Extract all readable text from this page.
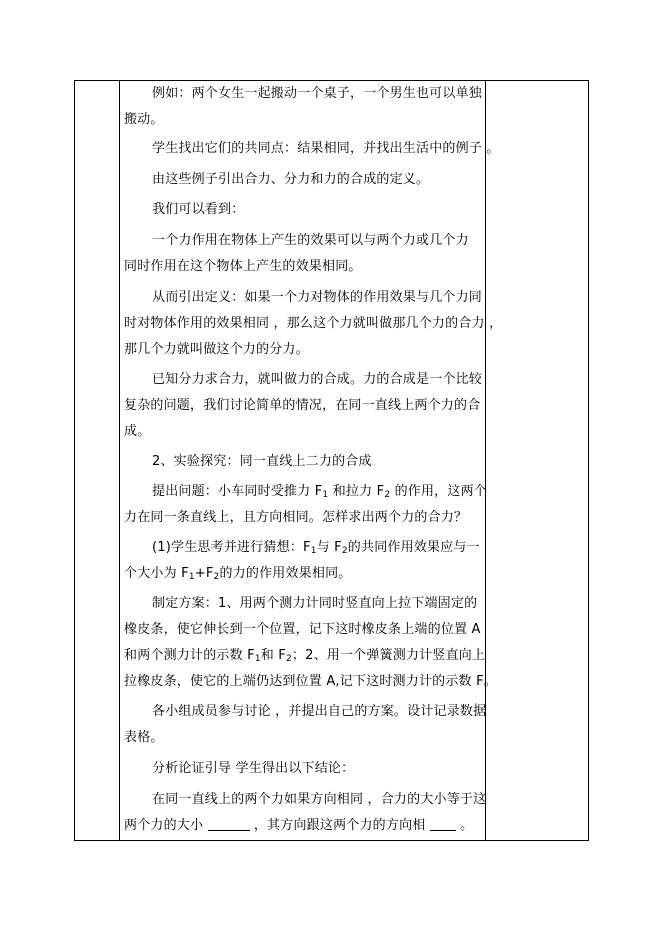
例如：两个女生一起搬动一个桌子，一个男生也可以单独
搬动。
学生找出它们的共同点：结果相同，并找出生活中的例子 。
由这些例子引出合力、分力和力的合成的定义。
我们可以看到：
一个力作用在物体上产生的效果可以与两个力或几个力
同时作用在这个物体上产生的效果相同。
从而引出定义：如果一个力对物体的作用效果与几个力同
时对物体作用的效果相同 ，那么这个力就叫做那几个力的合力 ，
那几个力就叫做这个力的分力。
已知分力求合力，就叫做力的合成。力的合成是一个比较
复杂的问题，我们讨论简单的情况，在同一直线上两个力的合
成。
2、实验探究：同一直线上二力的合成
提出问题：小车同时受推力 $F_1$ 和拉力 $F_2$ 的作用，这两个
力在同一条直线上，且方向相同。怎样求出两个力的合力？
(1)学生思考并进行猜想：$F_1$与 $F_2$的共同作用效果应与一
个大小为 $F_1+F_2$的力的作用效果相同。
制定方案：1、用两个测力计同时竖直向上拉下端固定的
橡皮条，使它伸长到一个位置，记下这时橡皮条上端的位置 A
和两个测力计的示数 $F_1$和 $F_2$；2、用一个弹簧测力计竖直向上
拉橡皮条，使它的上端仍达到位置 A,记下这时测力计的示数 F。
各小组成员参与讨论 ，并提出自己的方案。设计记录数据
表格。
分析论证引导 学生得出以下结论：
在同一直线上的两个力如果方向相同 ，合力的大小等于这
两个力的大小	，其方向跟这两个力的方向相  。
